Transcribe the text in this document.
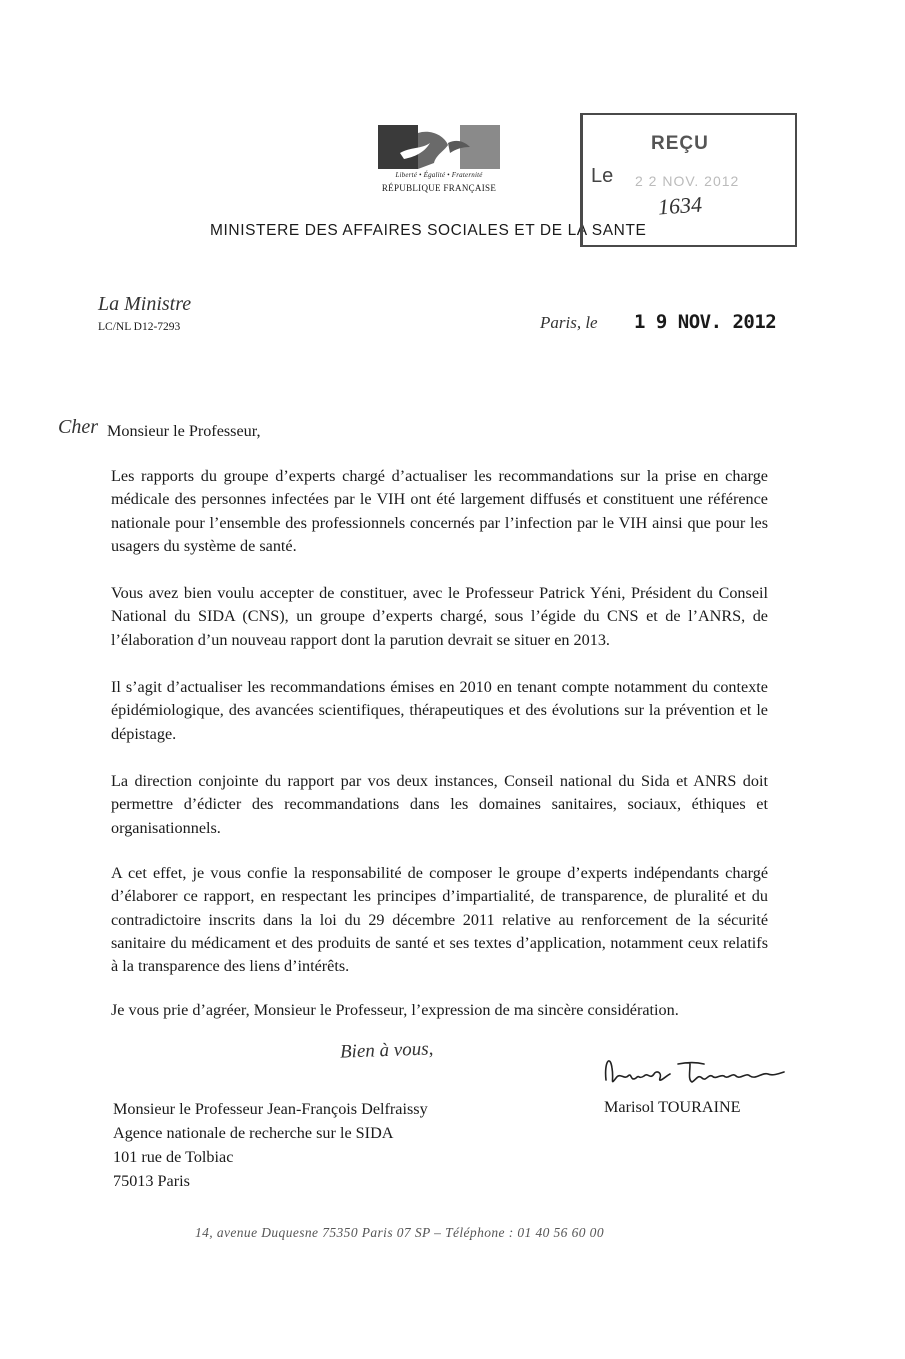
Liberté • Égalité • Fraternité
RÉPUBLIQUE FRANÇAISE
MINISTERE DES AFFAIRES SOCIALES ET DE LA SANTE
REÇU
Le 2 2 NOV. 2012
1634
La Ministre
LC/NL D12-7293	Paris, le 1 9 NOV. 2012
Cher Monsieur le Professeur,

Les rapports du groupe d’experts chargé d’actualiser les recommandations sur la prise en charge médicale des personnes infectées par le VIH ont été largement diffusés et constituent une référence nationale pour l’ensemble des professionnels concernés par l’infection par le VIH ainsi que pour les usagers du système de santé.

Vous avez bien voulu accepter de constituer, avec le Professeur Patrick Yéni, Président du Conseil National du SIDA (CNS), un groupe d’experts chargé, sous l’égide du CNS et de l’ANRS, de l’élaboration d’un nouveau rapport dont la parution devrait se situer en 2013.

Il s’agit d’actualiser les recommandations émises en 2010 en tenant compte notamment du contexte épidémiologique, des avancées scientifiques, thérapeutiques et des évolutions sur la prévention et le dépistage.

La direction conjointe du rapport par vos deux instances, Conseil national du Sida et ANRS doit permettre d’édicter des recommandations dans les domaines sanitaires, sociaux, éthiques et organisationnels.

A cet effet, je vous confie la responsabilité de composer le groupe d’experts indépendants chargé d’élaborer ce rapport, en respectant les principes d’impartialité, de transparence, de pluralité et du contradictoire inscrits dans la loi du 29 décembre 2011 relative au renforcement de la sécurité sanitaire du médicament et des produits de santé et ses textes d’application, notamment ceux relatifs à la transparence des liens d’intérêts.

Je vous prie d’agréer, Monsieur le Professeur, l’expression de ma sincère considération.
Bien à vous,
Marisol TOURAINE
Monsieur le Professeur Jean-François Delfraissy
Agence nationale de recherche sur le SIDA
101 rue de Tolbiac
75013 Paris
14, avenue Duquesne 75350 Paris 07 SP – Téléphone : 01 40 56 60 00
